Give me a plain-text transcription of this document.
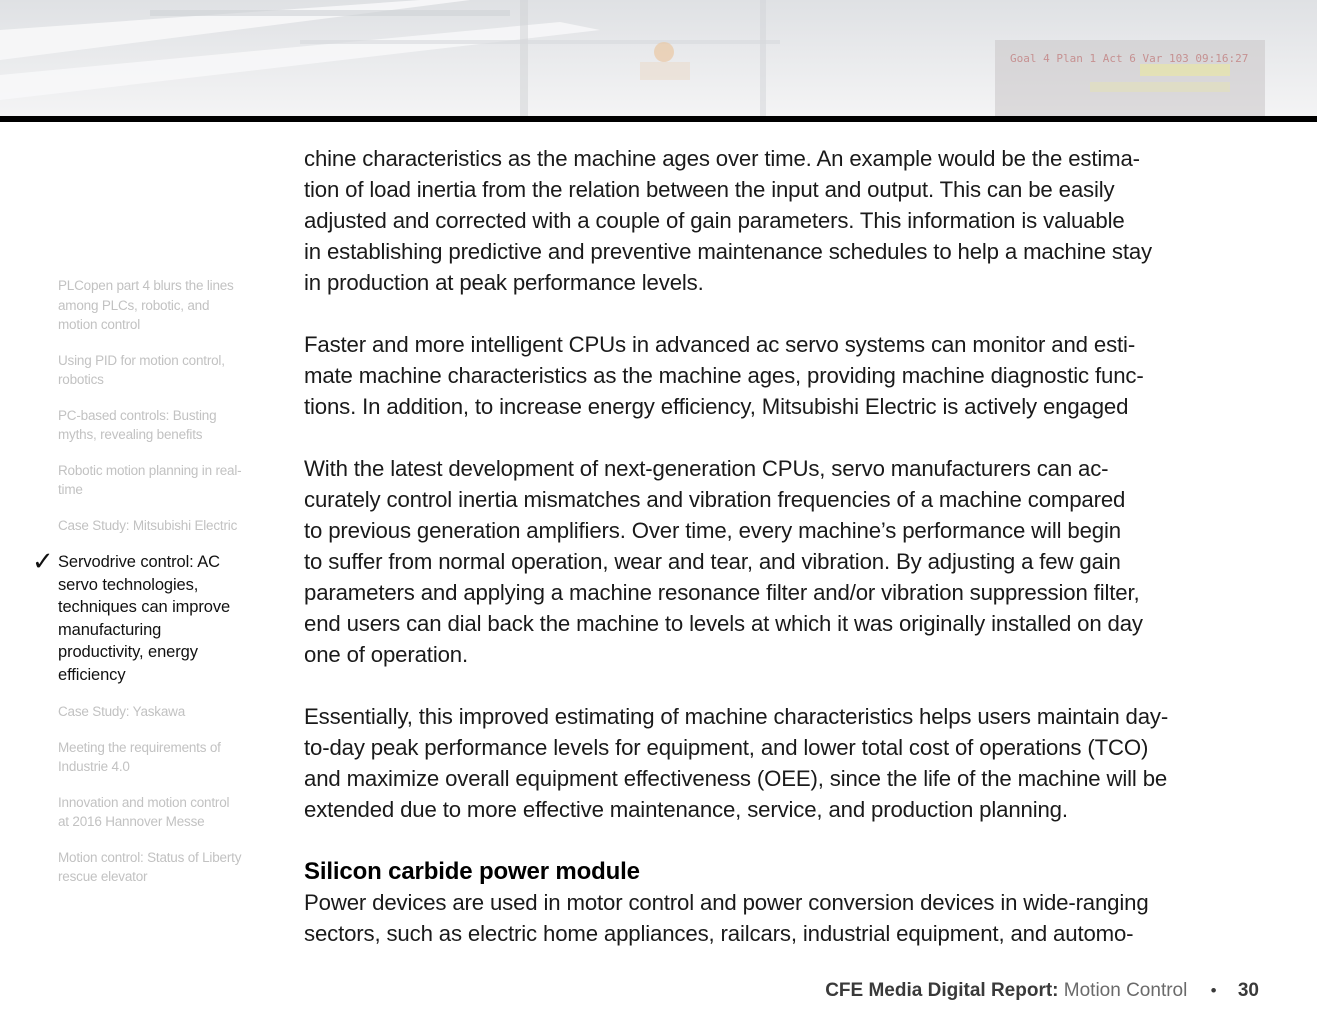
Goal 4 Plan 1 Act 6 Var 103 09:16:27
PLCopen part 4 blurs the lines among PLCs, robotic, and motion control
Using PID for motion control, robotics
PC-based controls: Busting myths, revealing benefits
Robotic motion planning in real-time
Case Study: Mitsubishi Electric
✓ Servodrive control: AC servo technologies, techniques can improve manufacturing productivity, energy efficiency
Case Study: Yaskawa
Meeting the requirements of Industrie 4.0
Innovation and motion control at 2016 Hannover Messe
Motion control: Status of Liberty rescue elevator

chine characteristics as the machine ages over time. An example would be the estima-
tion of load inertia from the relation between the input and output. This can be easily
adjusted and corrected with a couple of gain parameters. This information is valuable
in establishing predictive and preventive maintenance schedules to help a machine stay
in production at peak performance levels.

Faster and more intelligent CPUs in advanced ac servo systems can monitor and esti-
mate machine characteristics as the machine ages, providing machine diagnostic func-
tions. In addition, to increase energy efficiency, Mitsubishi Electric is actively engaged

With the latest development of next-generation CPUs, servo manufacturers can ac-
curately control inertia mismatches and vibration frequencies of a machine compared
to previous generation amplifiers. Over time, every machine’s performance will begin
to suffer from normal operation, wear and tear, and vibration. By adjusting a few gain
parameters and applying a machine resonance filter and/or vibration suppression filter,
end users can dial back the machine to levels at which it was originally installed on day
one of operation.

Essentially, this improved estimating of machine characteristics helps users maintain day-
to-day peak performance levels for equipment, and lower total cost of operations (TCO)
and maximize overall equipment effectiveness (OEE), since the life of the machine will be
extended due to more effective maintenance, service, and production planning.

Silicon carbide power module

Power devices are used in motor control and power conversion devices in wide-ranging
sectors, such as electric home appliances, railcars, industrial equipment, and automo-

CFE Media Digital Report: Motion Control • 30
